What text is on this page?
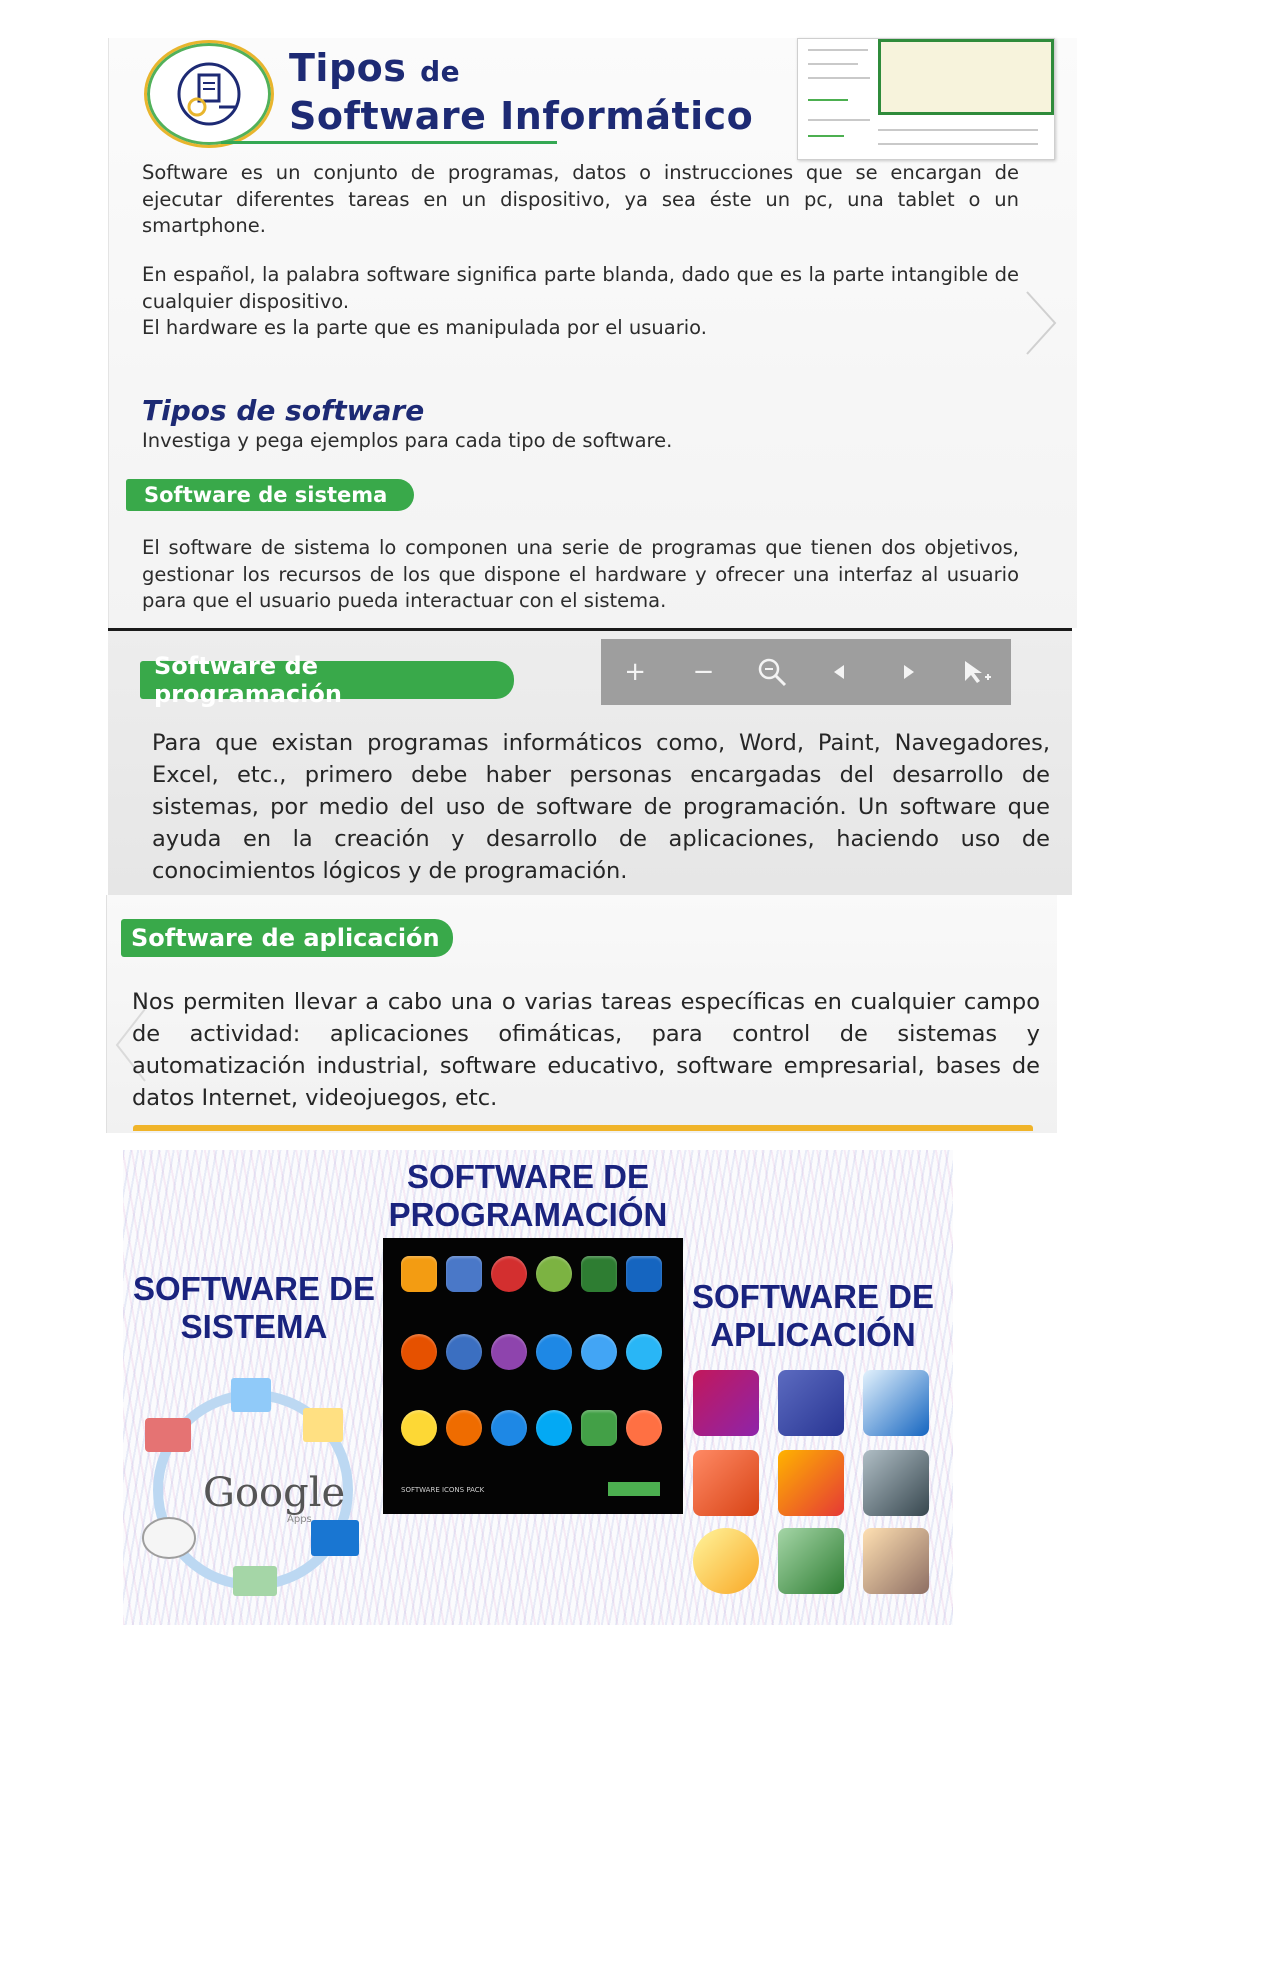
Tipos de
Software Informático
Software es un conjunto de programas, datos o instrucciones que se encargan de ejecutar diferentes tareas en un dispositivo, ya sea éste un pc, una tablet o un smartphone.
En español, la palabra software significa parte blanda, dado que es la parte intangible de cualquier dispositivo.
El hardware es la parte que es manipulada por el usuario.
Tipos de software
Investiga y pega ejemplos para cada tipo de software.
Software de sistema
El software de sistema lo componen una serie de programas que tienen dos objetivos, gestionar los recursos de los que dispone el hardware y ofrecer una interfaz al usuario para que el usuario pueda interactuar con el sistema.
Software de programación
+	−
Para que existan programas informáticos como, Word, Paint, Navegadores, Excel, etc., primero debe haber personas encargadas del desarrollo de sistemas, por medio del uso de software de programación. Un software que ayuda en la creación y desarrollo de aplicaciones, haciendo uso de conocimientos lógicos y de programación.
Software de aplicación
Nos permiten llevar a cabo una o varias tareas específicas en cualquier campo de actividad: aplicaciones ofimáticas, para control de sistemas y automatización industrial, software educativo, software empresarial, bases de datos Internet, videojuegos, etc.
SOFTWARE DE
PROGRAMACIÓN
SOFTWARE DE
SISTEMA
SOFTWARE DE
APLICACIÓN
SOFTWARE ICONS PACK
Google
Apps
